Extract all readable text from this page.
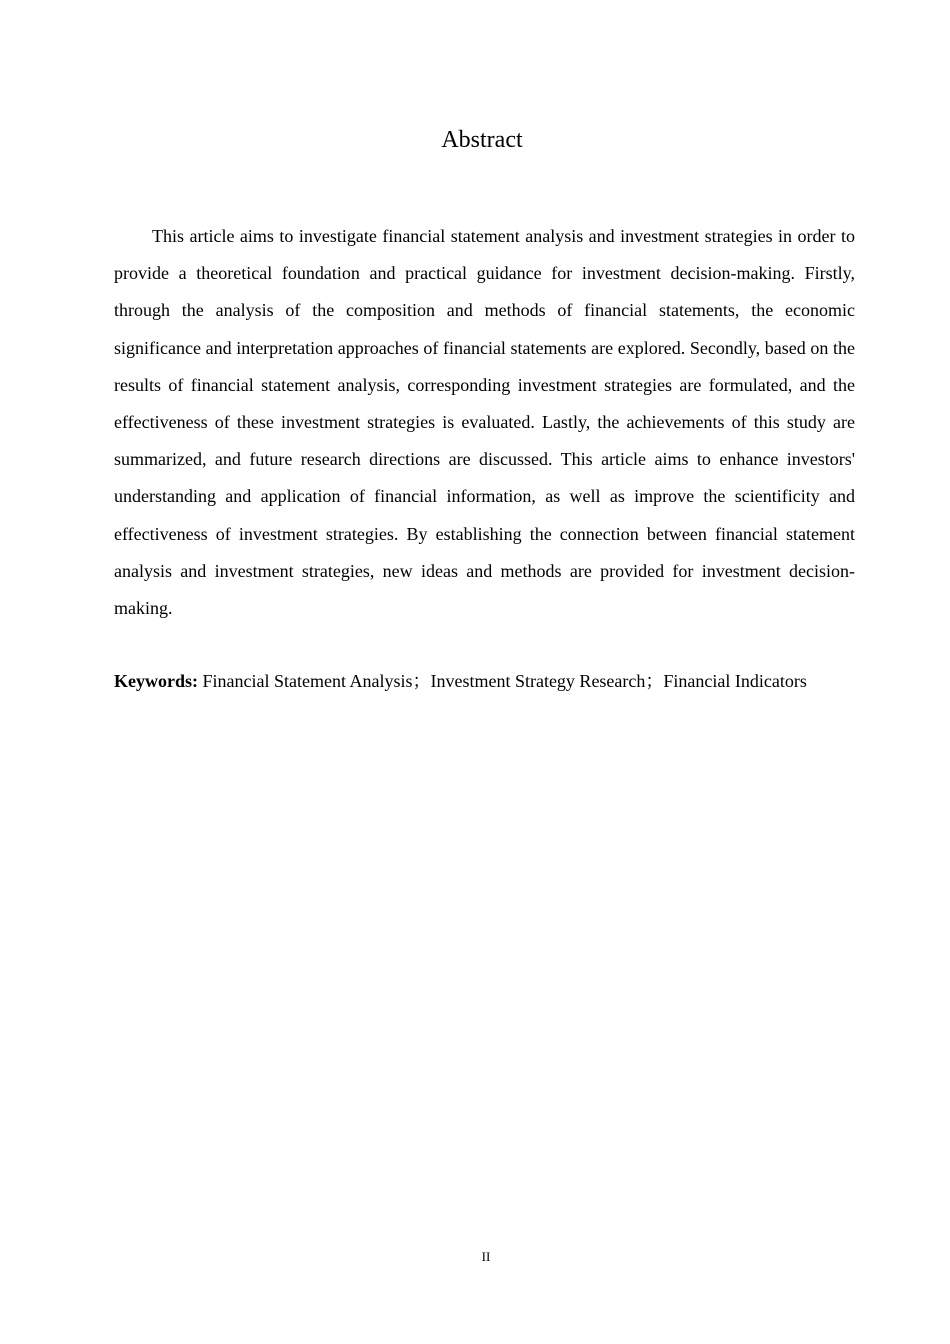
Abstract

This article aims to investigate financial statement analysis and investment strategies in order to provide a theoretical foundation and practical guidance for investment decision-making. Firstly, through the analysis of the composition and methods of financial statements, the economic significance and interpretation approaches of financial statements are explored. Secondly, based on the results of financial statement analysis, corresponding investment strategies are formulated, and the effectiveness of these investment strategies is evaluated. Lastly, the achievements of this study are summarized, and future research directions are discussed. This article aims to enhance investors' understanding and application of financial information, as well as improve the scientificity and effectiveness of investment strategies. By establishing the connection between financial statement analysis and investment strategies, new ideas and methods are provided for investment decision-making.

Keywords: Financial Statement Analysis；Investment Strategy Research；Financial Indicators

II
